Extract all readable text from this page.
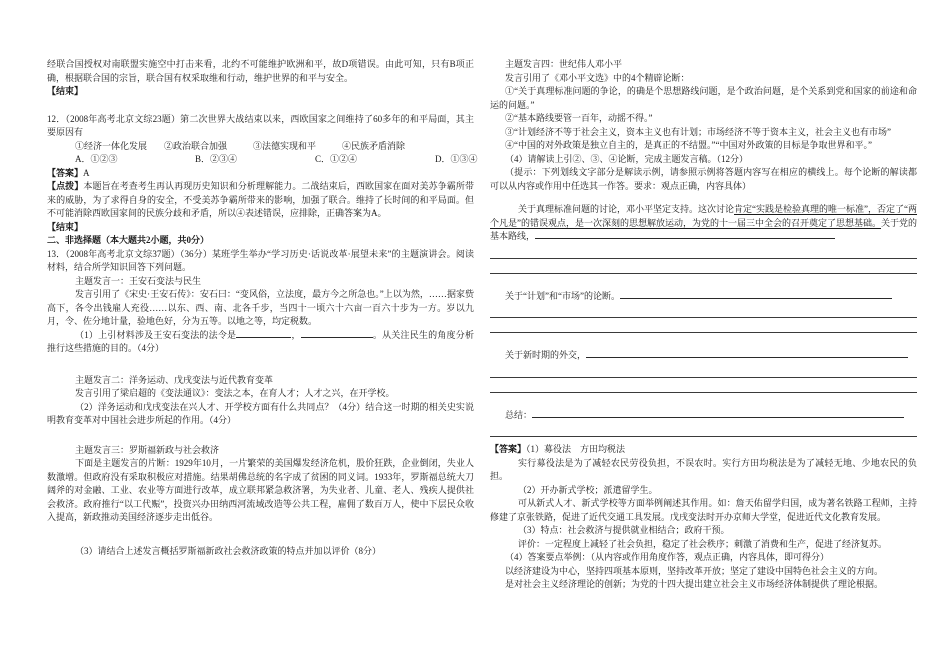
经联合国授权对南联盟实施空中打击来看，北约不可能维护欧洲和平，故D项错误。由此可知，只有B项正确，根据联合国的宗旨，联合国有权采取维和行动，维护世界的和平与安全。

【结束】

12．（2008年高考北京文综23题）第二次世界大战结束以来，西欧国家之间维持了60多年的和平局面，其主要原因有

①经济一体化发展	②政治联合加强	③法德实现和平	④民族矛盾消除
A．①②③	B．②③④	C．①②④	D．①③④

【答案】A

【点拨】本题旨在考查考生再认再现历史知识和分析理解能力。二战结束后，西欧国家在面对美苏争霸所带来的威胁，为了求得自身的安全，不受美苏争霸所带来的影响，加强了联合。维持了长时间的和平局面。但不可能消除西欧国家间的民族分歧和矛盾，所以④表述错误，应排除，正确答案为A。

【结束】

二、非选择题（本大题共2小题，共0分）

13．（2008年高考北京文综37题）（36分）某班学生举办“学习历史·话说改革·展望未来”的主题演讲会。阅读材料，结合所学知识回答下列问题。

主题发言一：王安石变法与民生

发言引用了《宋史·王安石传》：安石曰：“变风俗，立法度，最方今之所急也。”上以为然，……据家赀高下，各令出钱雇人充役……以东、西、南、北各千步，当四十一顷六十六亩一百六十步为一方。岁以九月，令、佐分地计量，验地色好，分为五等。以地之等，均定税数。

（1）上引材料涉及王安石变法的法令是	，	。从关注民生的角度分析推行这些措施的目的。（4分）

主题发言二：洋务运动、戊戌变法与近代教育变革

发言引用了梁启超的《变法通议》：变法之本，在育人才；人才之兴，在开学校。

（2）洋务运动和戊戌变法在兴人才、开学校方面有什么共同点？（4分）结合这一时期的相关史实说明教育变革对中国社会进步所起的作用。（4分）

主题发言三：罗斯福新政与社会救济

下面是主题发言的片断：1929年10月，一片繁荣的美国爆发经济危机，股价狂跌，企业倒闭，失业人数激增。但政府没有采取积极应对措施。结果胡佛总统的名字成了贫困的同义词。1933年，罗斯福总统大刀阔斧的对金融、工业、农业等方面进行改革，成立联邦紧急救济署，为失业者、儿童、老人、残疾人提供社会救济。政府推行“以工代赈”，投资兴办田纳西河流域改造等公共工程，雇佣了数百万人，使中下层民众收入提高，新政推动美国经济逐步走出低谷。

（3）请结合上述发言概括罗斯福新政社会救济政策的特点并加以评价（8分）

主题发言四：世纪伟人邓小平

发言引用了《邓小平文选》中的4个精辟论断：

①“关于真理标准问题的争论，的确是个思想路线问题，是个政治问题，是个关系到党和国家的前途和命运的问题。”

②“基本路线要管一百年，动摇不得。”

③“计划经济不等于社会主义，资本主义也有计划；市场经济不等于资本主义，社会主义也有市场”

④“中国的对外政策是独立自主的，是真正的不结盟。”“中国对外政策的目标是争取世界和平。”

（4）请解读上引②、③、④论断，完成主题发言稿。（12分）

（提示：下列划线文字部分是解读示例，请参照示例将答题内容写在相应的横线上。每个论断的解读都可以从内容或作用中任选其一作答。要求：观点正确，内容具体）

关于真理标准问题的讨论，邓小平坚定支持。这次讨论肯定“实践是检验真理的唯一标准”，否定了“两个凡是”的错误观点，是一次深刻的思想解放运动，为党的十一届三中全会的召开奠定了思想基础。关于党的基本路线，

关于“计划”和“市场”的论断。

关于新时期的外交，

总结：

【答案】（1）募役法　方田均税法

实行募役法是为了减轻农民劳役负担，不误农时。实行方田均税法是为了减轻无地、少地农民的负担。

（2）开办新式学校；派遣留学生。

可从新式人才、新式学校等方面举例阐述其作用。如：詹天佑留学归国，成为著名铁路工程师，主持修建了京张铁路，促进了近代交通工具发展。戊戌变法时开办京师大学堂，促进近代文化教育发展。

（3）特点：社会救济与提供就业相结合；政府干预。

评价：一定程度上减轻了社会负担，稳定了社会秩序；刺激了消费和生产，促进了经济复苏。

（4）答案要点举例：（从内容或作用角度作答，观点正确，内容具体，即可得分）

以经济建设为中心，坚持四项基本原则，坚持改革开放；坚定了建设中国特色社会主义的方向。

是对社会主义经济理论的创新；为党的十四大提出建立社会主义市场经济体制提供了理论根据。
